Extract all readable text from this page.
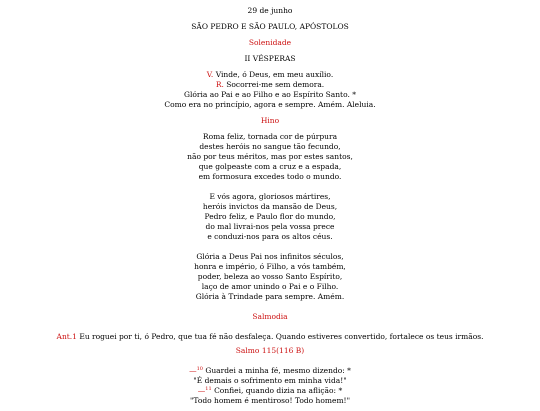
29 de junho
SÃO PEDRO E SÃO PAULO, APÓSTOLOS
Solenidade
II VÉSPERAS
V. Vinde, ó Deus, em meu auxílio.
R. Socorrei-me sem demora.
Glória ao Pai e ao Filho e ao Espírito Santo. *
Como era no princípio, agora e sempre. Amém. Aleluia.
Hino
Roma feliz, tornada cor de púrpura
destes heróis no sangue tão fecundo,
não por teus méritos, mas por estes santos,
que golpeaste com a cruz e a espada,
em formosura excedes todo o mundo.
E vós agora, gloriosos mártires,
heróis invictos da mansão de Deus,
Pedro feliz, e Paulo flor do mundo,
do mal livrai-nos pela vossa prece
e conduzi-nos para os altos céus.
Glória a Deus Pai nos infinitos séculos,
honra e império, ó Filho, a vós também,
poder, beleza ao vosso Santo Espírito,
laço de amor unindo o Pai e o Filho.
Glória à Trindade para sempre. Amém.
Salmodia
Ant.1 Eu roguei por ti, ó Pedro, que tua fé não desfaleça. Quando estiveres convertido, fortalece os teus irmãos.
Salmo 115(116 B)
—$^{10}$ Guardei a minha fé, mesmo dizendo: *
"É demais o sofrimento em minha vida!"
—$^{11}$ Confiei, quando dizia na aflição: *
"Todo homem é mentiroso! Todo homem!"
